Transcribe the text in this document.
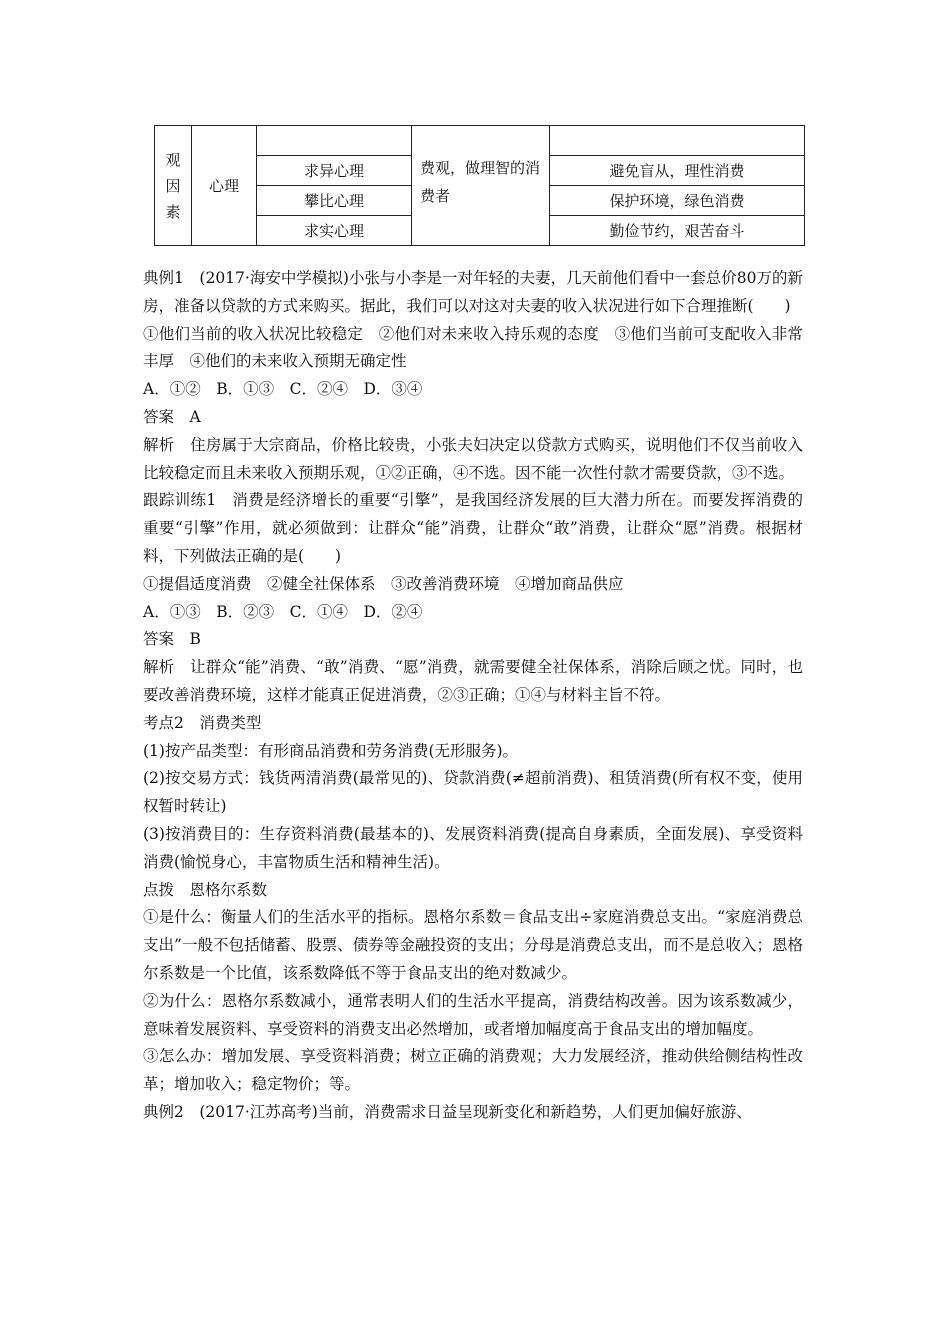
观
因
素	心理		费观，做理智的消费者	
		求异心理		避免盲从，理性消费
		攀比心理		保护环境，绿色消费
		求实心理		勤俭节约，艰苦奋斗

典例1　(2017·海安中学模拟)小张与小李是一对年轻的夫妻，几天前他们看中一套总价80万的新房，准备以贷款的方式来购买。据此，我们可以对这对夫妻的收入状况进行如下合理推断(　　)

①他们当前的收入状况比较稳定　②他们对未来收入持乐观的态度　③他们当前可支配收入非常丰厚　④他们的未来收入预期无确定性

A．①②　B．①③　C．②④　D．③④

答案　A

解析　住房属于大宗商品，价格比较贵，小张夫妇决定以贷款方式购买，说明他们不仅当前收入比较稳定而且未来收入预期乐观，①②正确，④不选。因不能一次性付款才需要贷款，③不选。

跟踪训练1　消费是经济增长的重要“引擎”，是我国经济发展的巨大潜力所在。而要发挥消费的重要“引擎”作用，就必须做到：让群众“能”消费，让群众“敢”消费，让群众“愿”消费。根据材料，下列做法正确的是(　　)

①提倡适度消费　②健全社保体系　③改善消费环境　④增加商品供应

A．①③　B．②③　C．①④　D．②④

答案　B

解析　让群众“能”消费、“敢”消费、“愿”消费，就需要健全社保体系，消除后顾之忧。同时，也要改善消费环境，这样才能真正促进消费，②③正确；①④与材料主旨不符。

考点2　消费类型

(1)按产品类型：有形商品消费和劳务消费(无形服务)。

(2)按交易方式：钱货两清消费(最常见的)、贷款消费(≠超前消费)、租赁消费(所有权不变，使用权暂时转让)

(3)按消费目的：生存资料消费(最基本的)、发展资料消费(提高自身素质，全面发展)、享受资料消费(愉悦身心，丰富物质生活和精神生活)。

点拨　恩格尔系数

①是什么：衡量人们的生活水平的指标。恩格尔系数＝食品支出÷家庭消费总支出。“家庭消费总支出”一般不包括储蓄、股票、债券等金融投资的支出；分母是消费总支出，而不是总收入；恩格尔系数是一个比值，该系数降低不等于食品支出的绝对数减少。

②为什么：恩格尔系数减小，通常表明人们的生活水平提高，消费结构改善。因为该系数减少，意味着发展资料、享受资料的消费支出必然增加，或者增加幅度高于食品支出的增加幅度。

③怎么办：增加发展、享受资料消费；树立正确的消费观；大力发展经济，推动供给侧结构性改革；增加收入；稳定物价；等。

典例2　(2017·江苏高考)当前，消费需求日益呈现新变化和新趋势，人们更加偏好旅游、
